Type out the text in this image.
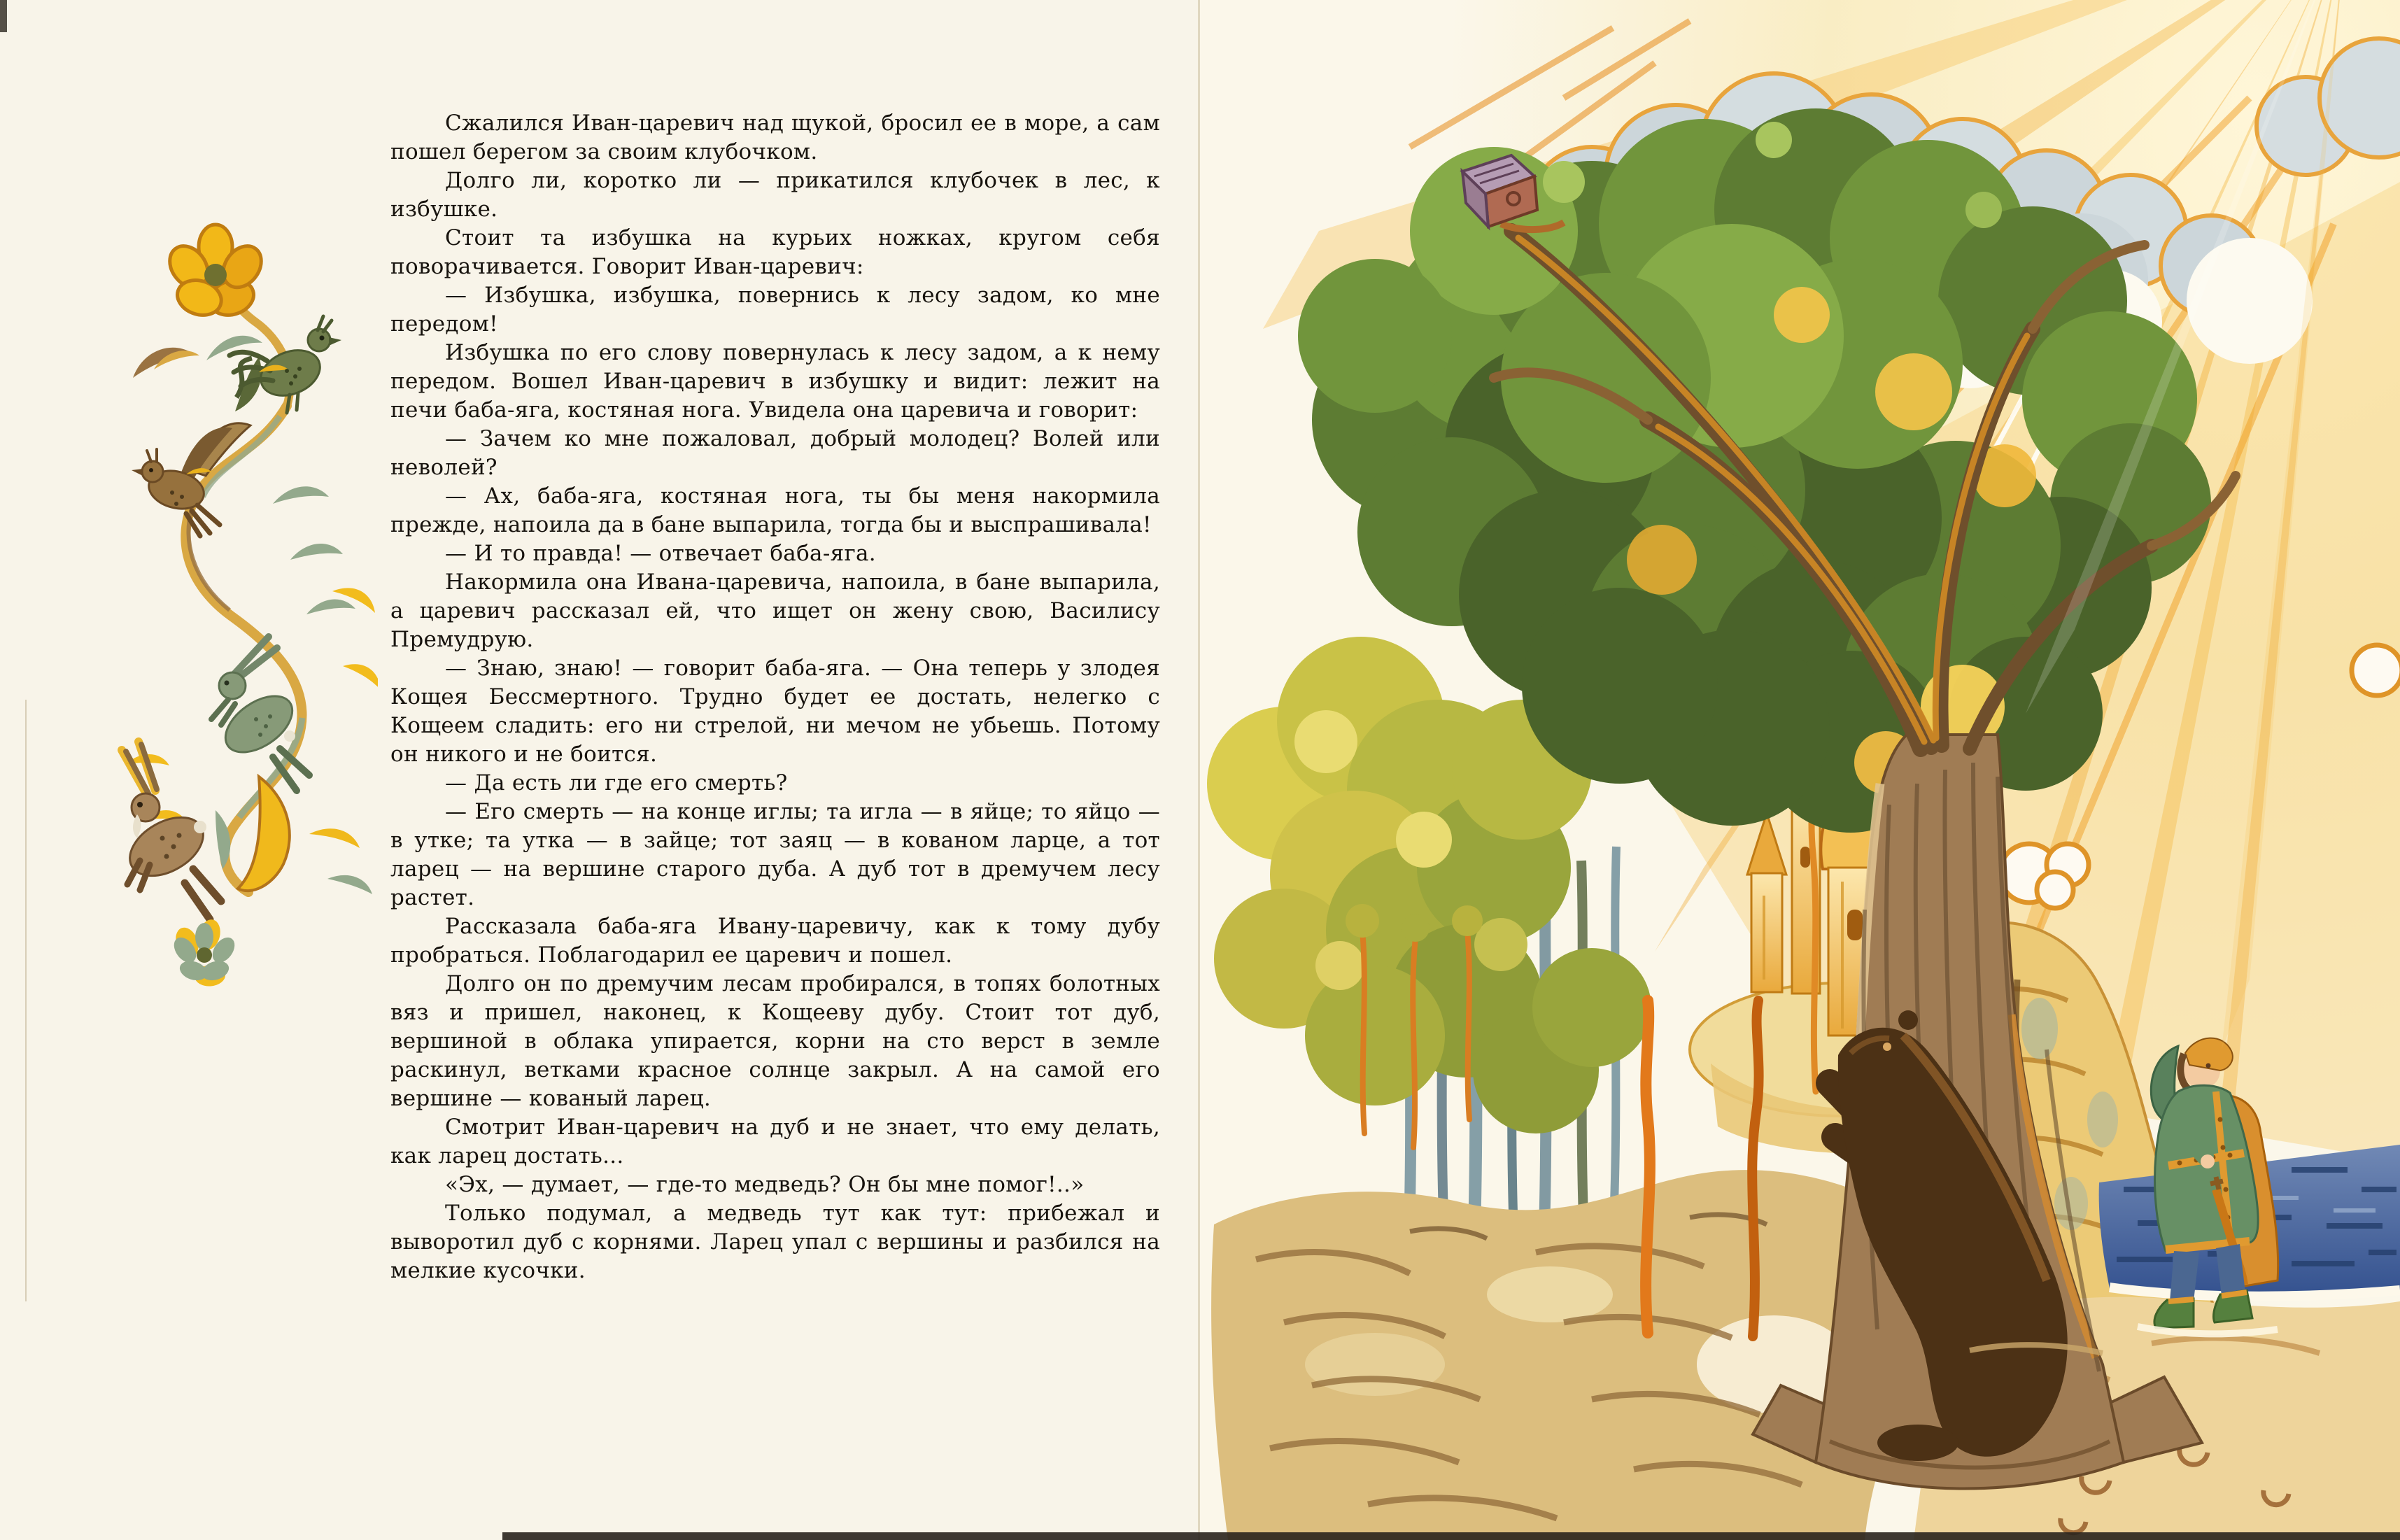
Сжалился Иван-царевич над щукой, бросил ее в море, а сам пошел берегом за своим клубочком.

Долго ли, коротко ли — прикатился клубочек в лес, к избушке.

Стоит та избушка на курьих ножках, кругом себя поворачивается. Говорит Иван-царевич:

— Избушка, избушка, повернись к лесу задом, ко мне передом!

Избушка по его слову повернулась к лесу задом, а к нему передом. Вошел Иван-царевич в избушку и видит: лежит на печи баба-яга, костяная нога. Увидела она царевича и говорит:

— Зачем ко мне пожаловал, добрый молодец? Волей или неволей?

— Ах, баба-яга, костяная нога, ты бы меня накормила прежде, напоила да в бане выпарила, тогда бы и выспрашивала!

— И то правда! — отвечает баба-яга.

Накормила она Ивана-царевича, напоила, в бане выпарила, а царевич рассказал ей, что ищет он жену свою, Василису Премудрую.

— Знаю, знаю! — говорит баба-яга. — Она теперь у злодея Кощея Бессмертного. Трудно будет ее достать, нелегко с Кощеем сладить: его ни стрелой, ни мечом не убьешь. Потому он никого и не боится.

— Да есть ли где его смерть?

— Его смерть — на конце иглы; та игла — в яйце; то яйцо — в утке; та утка — в зайце; тот заяц — в кованом ларце, а тот ларец — на вершине старого дуба. А дуб тот в дремучем лесу растет.

Рассказала баба-яга Ивану-царевичу, как к тому дубу пробраться. Поблагодарил ее царевич и пошел.

Долго он по дремучим лесам пробирался, в топях болотных вяз и пришел, наконец, к Кощееву дубу. Стоит тот дуб, вершиной в облака упирается, корни на сто верст в земле раскинул, ветками красное солнце закрыл. А на самой его вершине — кованый ларец.

Смотрит Иван-царевич на дуб и не знает, что ему делать, как ларец достать...

«Эх, — думает, — где-то медведь? Он бы мне помог!..»

Только подумал, а медведь тут как тут: прибежал и выворотил дуб с корнями. Ларец упал с вершины и разбился на мелкие кусочки.
